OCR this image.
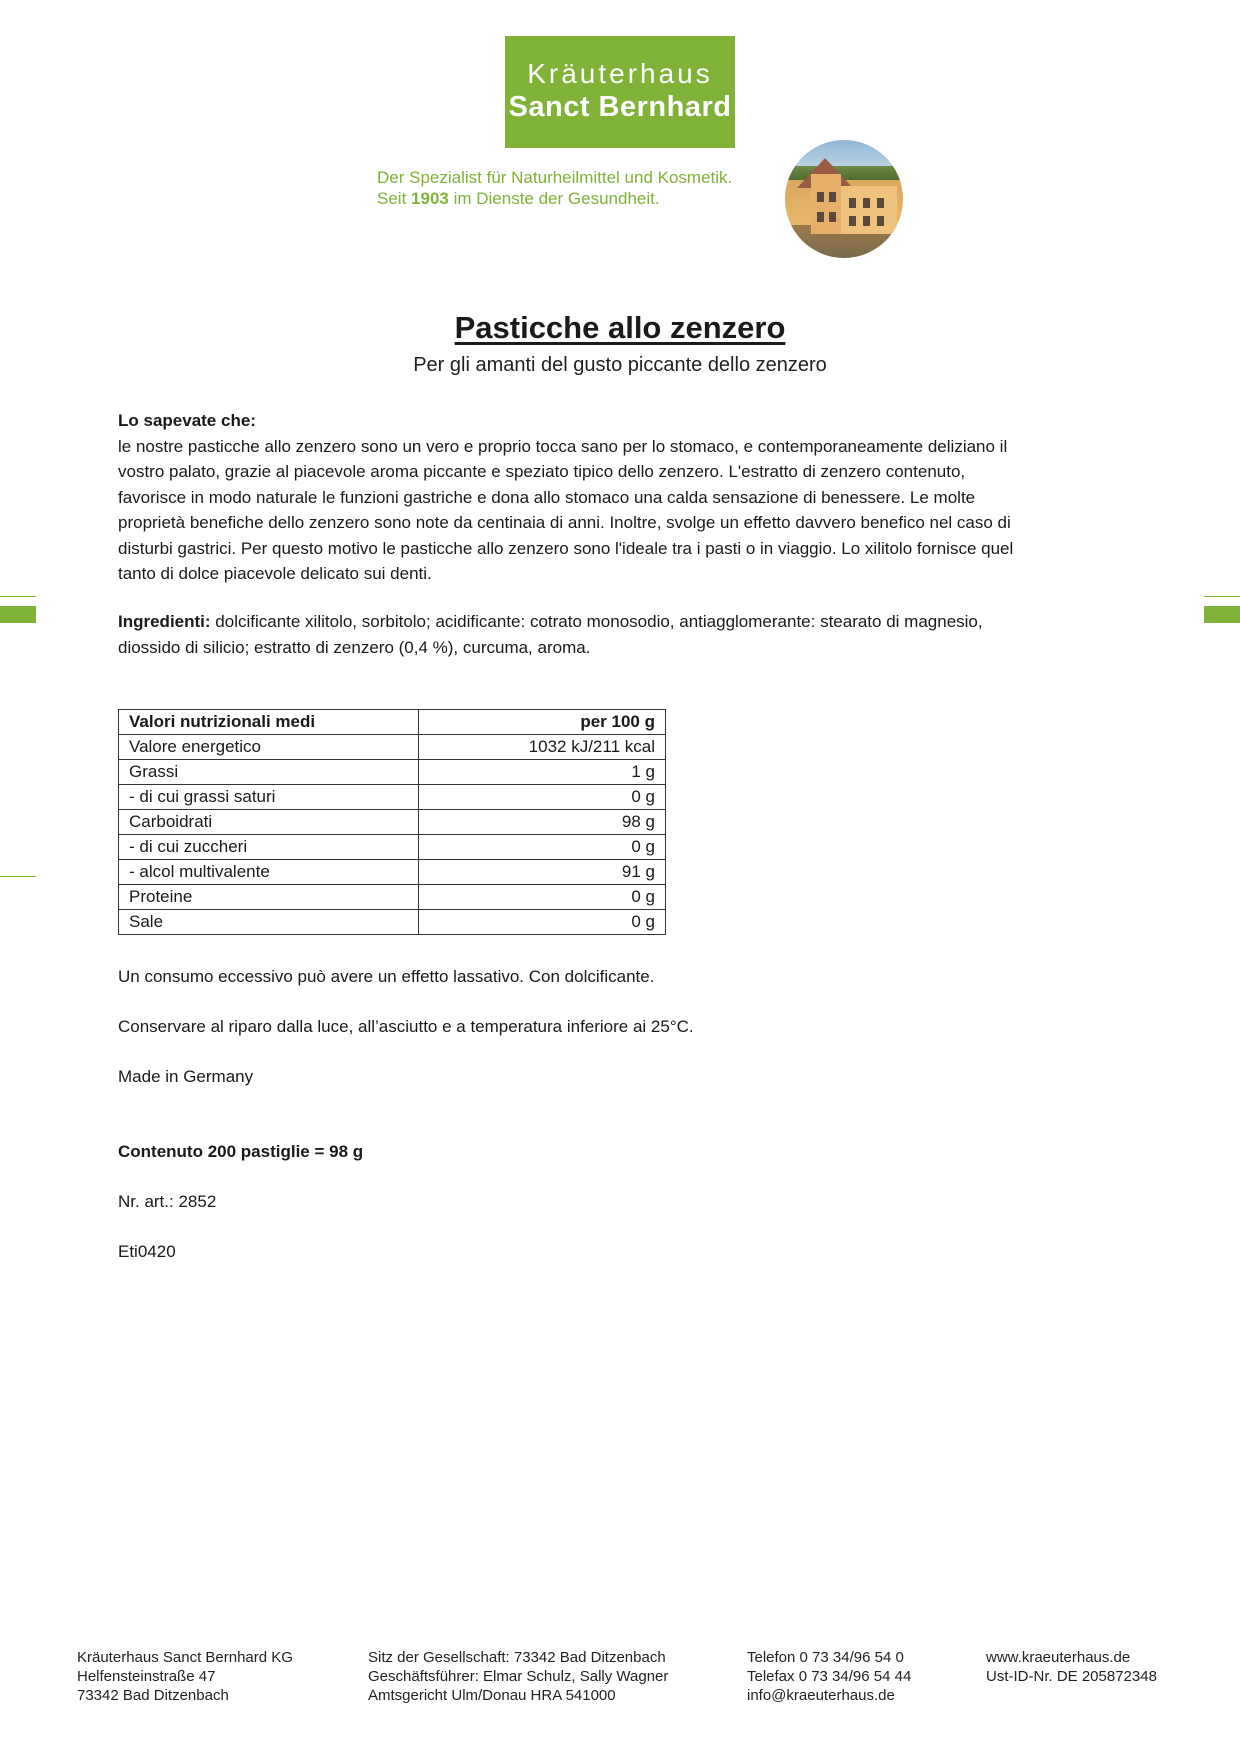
Kräuterhaus
Sanct Bernhard
Der Spezialist für Naturheilmittel und Kosmetik.
Seit 1903 im Dienste der Gesundheit.
Pasticche allo zenzero
Per gli amanti del gusto piccante dello zenzero
Lo sapevate che:
le nostre pasticche allo zenzero sono un vero e proprio tocca sano per lo stomaco, e contemporaneamente deliziano il
vostro palato, grazie al piacevole aroma piccante e speziato tipico dello zenzero. L'estratto di zenzero contenuto,
favorisce in modo naturale le funzioni gastriche e dona allo stomaco una calda sensazione di benessere. Le molte
proprietà benefiche dello zenzero sono note da centinaia di anni. Inoltre, svolge un effetto davvero benefico nel caso di
disturbi gastrici. Per questo motivo le pasticche allo zenzero sono l'ideale tra i pasti o in viaggio. Lo xilitolo fornisce quel
tanto di dolce piacevole delicato sui denti.
Ingredienti: dolcificante xilitolo, sorbitolo; acidificante: cotrato monosodio, antiagglomerante: stearato di magnesio,
diossido di silicio; estratto di zenzero (0,4 %), curcuma, aroma.
Valori nutrizionali medi	per 100 g
Valore energetico	1032 kJ/211 kcal
Grassi	1 g
- di cui grassi saturi	0 g
Carboidrati	98 g
- di cui zuccheri	0 g
- alcol multivalente	91 g
Proteine	0 g
Sale	0 g
Un consumo eccessivo può avere un effetto lassativo. Con dolcificante.
Conservare al riparo dalla luce, all’asciutto e a temperatura inferiore ai 25°C.
Made in Germany
Contenuto 200 pastiglie = 98 g
Nr. art.: 2852
Eti0420
Kräuterhaus Sanct Bernhard KG
Helfensteinstraße 47
73342 Bad Ditzenbach
Sitz der Gesellschaft: 73342 Bad Ditzenbach
Geschäftsführer: Elmar Schulz, Sally Wagner
Amtsgericht Ulm/Donau HRA 541000
Telefon 0 73 34/96 54 0
Telefax 0 73 34/96 54 44
info@kraeuterhaus.de
www.kraeuterhaus.de
Ust-ID-Nr. DE 205872348
